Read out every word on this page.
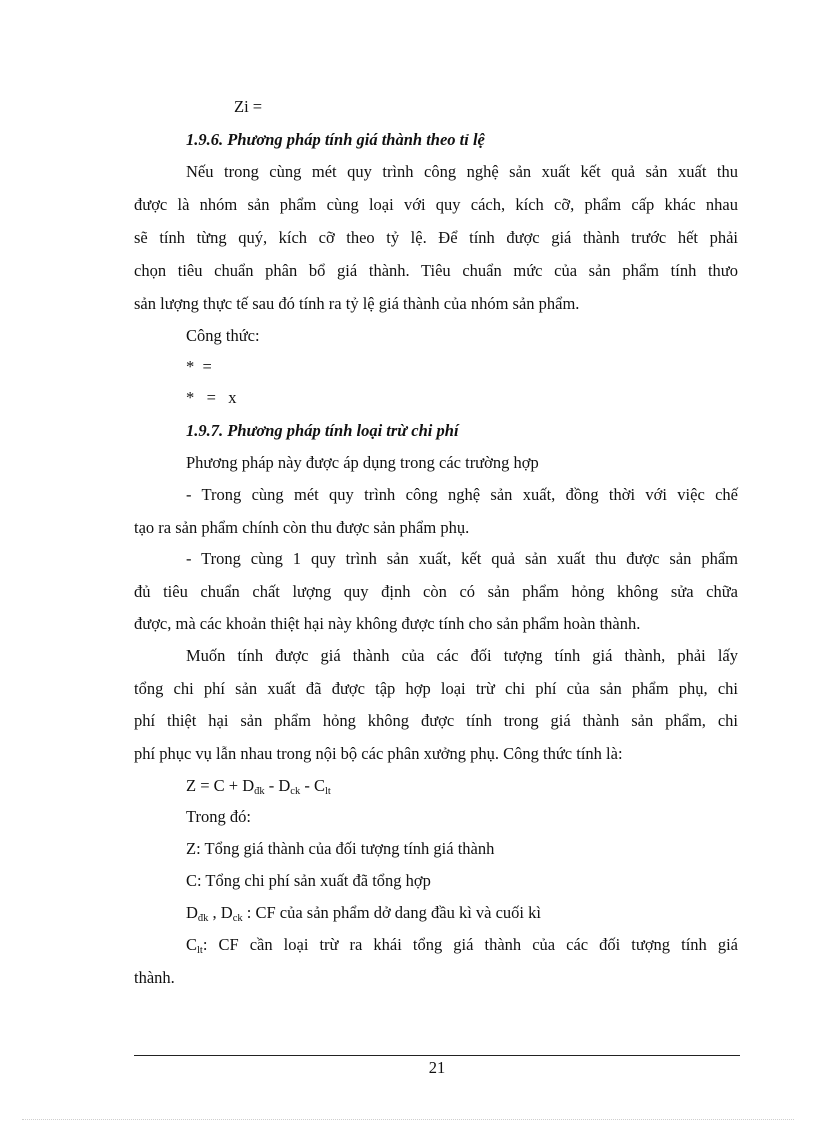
Zi =
1.9.6. Phương pháp tính giá thành theo tỉ lệ
Nếu trong cùng mét quy trình công nghệ sản xuất kết quả sản xuất thu
được là nhóm sản phẩm cùng loại với quy cách, kích cỡ, phẩm cấp khác nhau
sẽ tính từng quý, kích cỡ theo tỷ lệ. Để tính được giá thành trước hết phải
chọn tiêu chuẩn phân bổ giá thành. Tiêu chuẩn mức của sản phẩm tính thưo
sản lượng thực tế sau đó tính ra tỷ lệ giá thành của nhóm sản phẩm.
Công thức:
*  =
*   =   x
1.9.7. Phương pháp tính loại trừ chi phí
Phương pháp này được áp dụng trong các trường hợp
- Trong cùng mét quy trình công nghệ sản xuất, đồng thời với việc chế
tạo ra sản phẩm chính còn thu được sản phẩm phụ.
- Trong cùng 1 quy trình sản xuất, kết quả sản xuất thu được sản phẩm
đủ tiêu chuẩn chất lượng quy định còn có sản phẩm hỏng không sửa chữa
được, mà các khoản thiệt hại này không được tính cho sản phẩm hoàn thành.
Muốn tính được giá thành của các đối tượng tính giá thành, phải lấy
tổng chi phí sản xuất đã được tập hợp loại trừ chi phí của sản phẩm phụ, chi
phí thiệt hại sản phẩm hỏng không được tính trong giá thành sản phẩm, chi
phí phục vụ lẫn nhau trong nội bộ các phân xưởng phụ. Công thức tính là:
$Z = C + D_{đk} - D_{ck} - C_{lt}$
Trong đó:
Z: Tổng giá thành của đối tượng tính giá thành
C: Tổng chi phí sản xuất đã tổng hợp
$D_{đk}$ , $D_{ck}$ : CF của sản phẩm dở dang đầu kì và cuối kì
$C_{lt}$: CF cần loại trừ ra khái tổng giá thành của các đối tượng tính giá
thành.
21
